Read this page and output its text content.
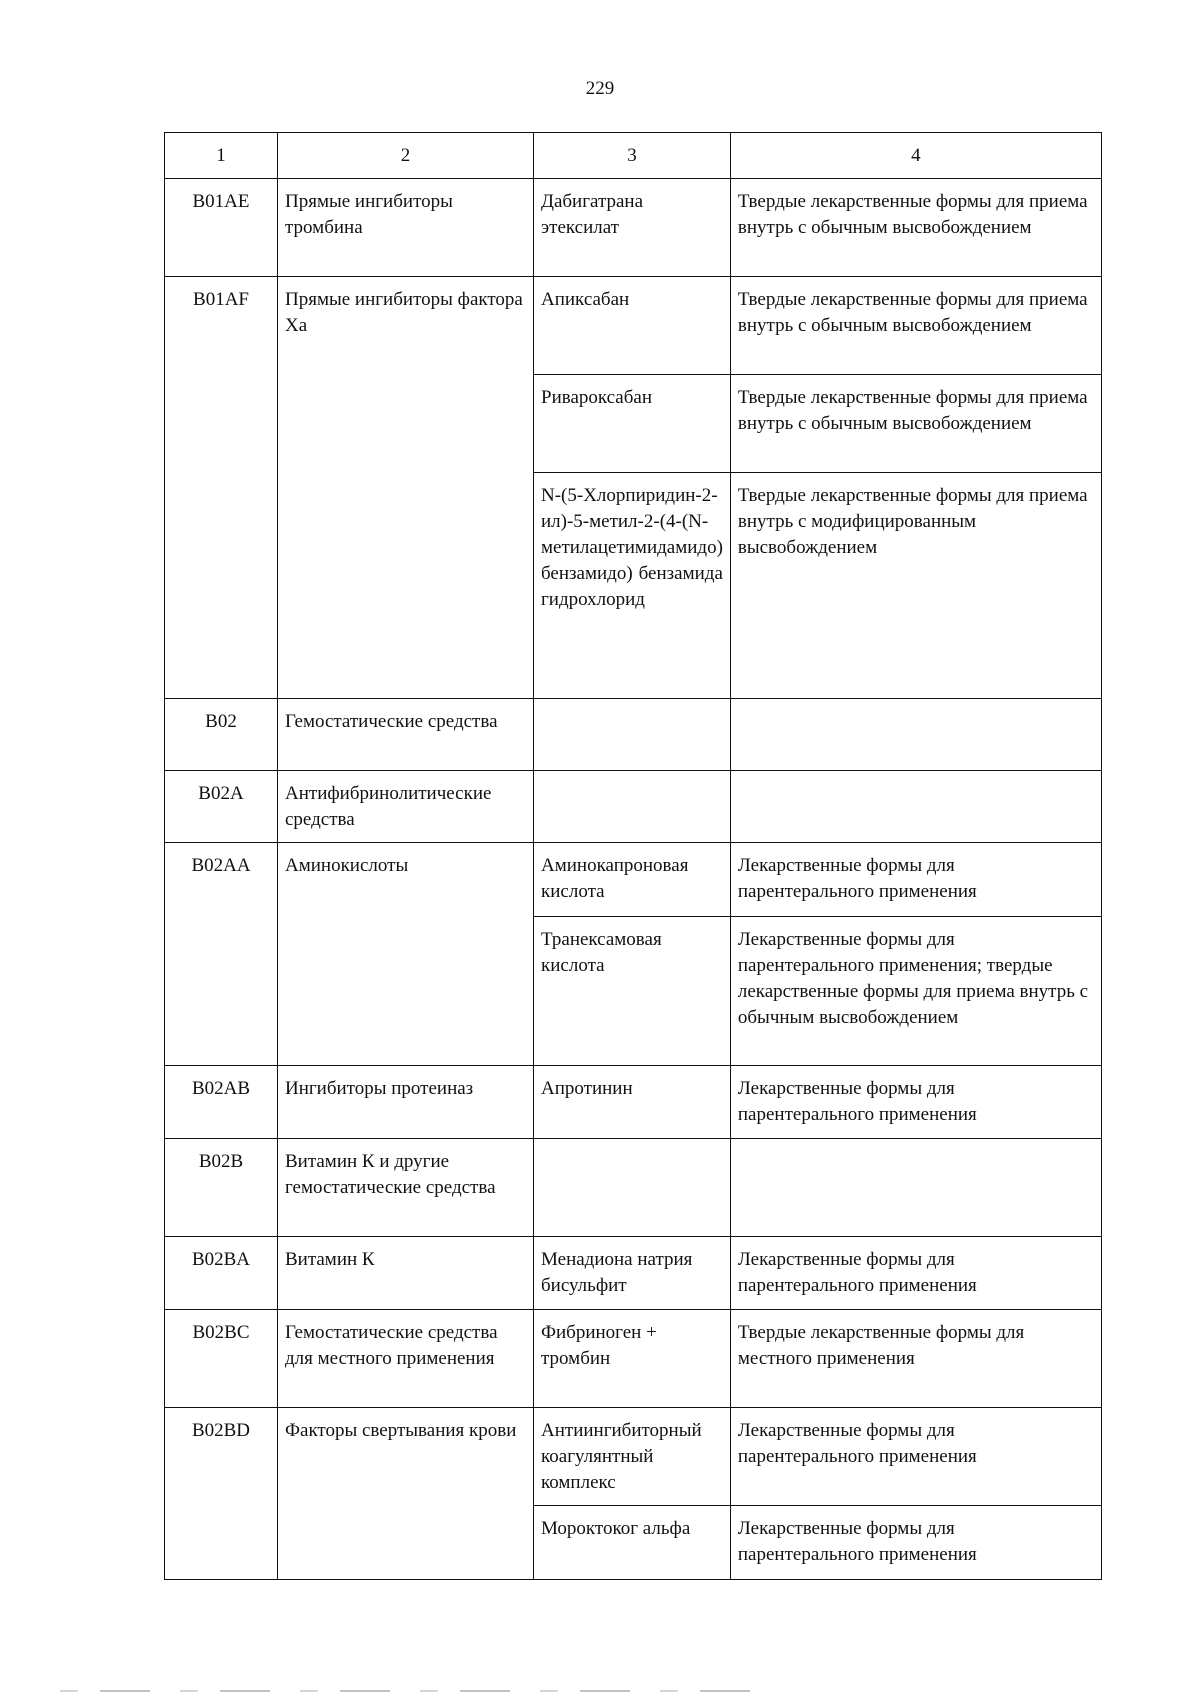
229
1	2	3	4
B01AE	Прямые ингибиторы тромбина	Дабигатрана этексилат	Твердые лекарственные формы для приема внутрь с обычным высвобождением
B01AF	Прямые ингибиторы фактора Ха	Апиксабан	Твердые лекарственные формы для приема внутрь с обычным высвобождением
		Ривароксабан	Твердые лекарственные формы для приема внутрь с обычным высвобождением
		N-(5-Хлорпиридин-2-ил)-5-метил-2-(4-(N-метилацетимидамидо) бензамидо) бензамида гидрохлорид	Твердые лекарственные формы для приема внутрь с модифицированным высвобождением
B02	Гемостатические средства		
B02A	Антифибринолитические средства		
B02AA	Аминокислоты	Аминокапроновая кислота	Лекарственные формы для парентерального применения
		Транексамовая кислота	Лекарственные формы для парентерального применения; твердые лекарственные формы для приема внутрь с обычным высвобождением
B02AB	Ингибиторы протеиназ	Апротинин	Лекарственные формы для парентерального применения
B02B	Витамин К и другие гемостатические средства		
B02BA	Витамин К	Менадиона натрия бисульфит	Лекарственные формы для парентерального применения
B02BC	Гемостатические средства для местного применения	Фибриноген + тромбин	Твердые лекарственные формы для местного применения
B02BD	Факторы свертывания крови	Антиингибиторный коагулянтный комплекс	Лекарственные формы для парентерального применения
		Мороктоког альфа	Лекарственные формы для парентерального применения
